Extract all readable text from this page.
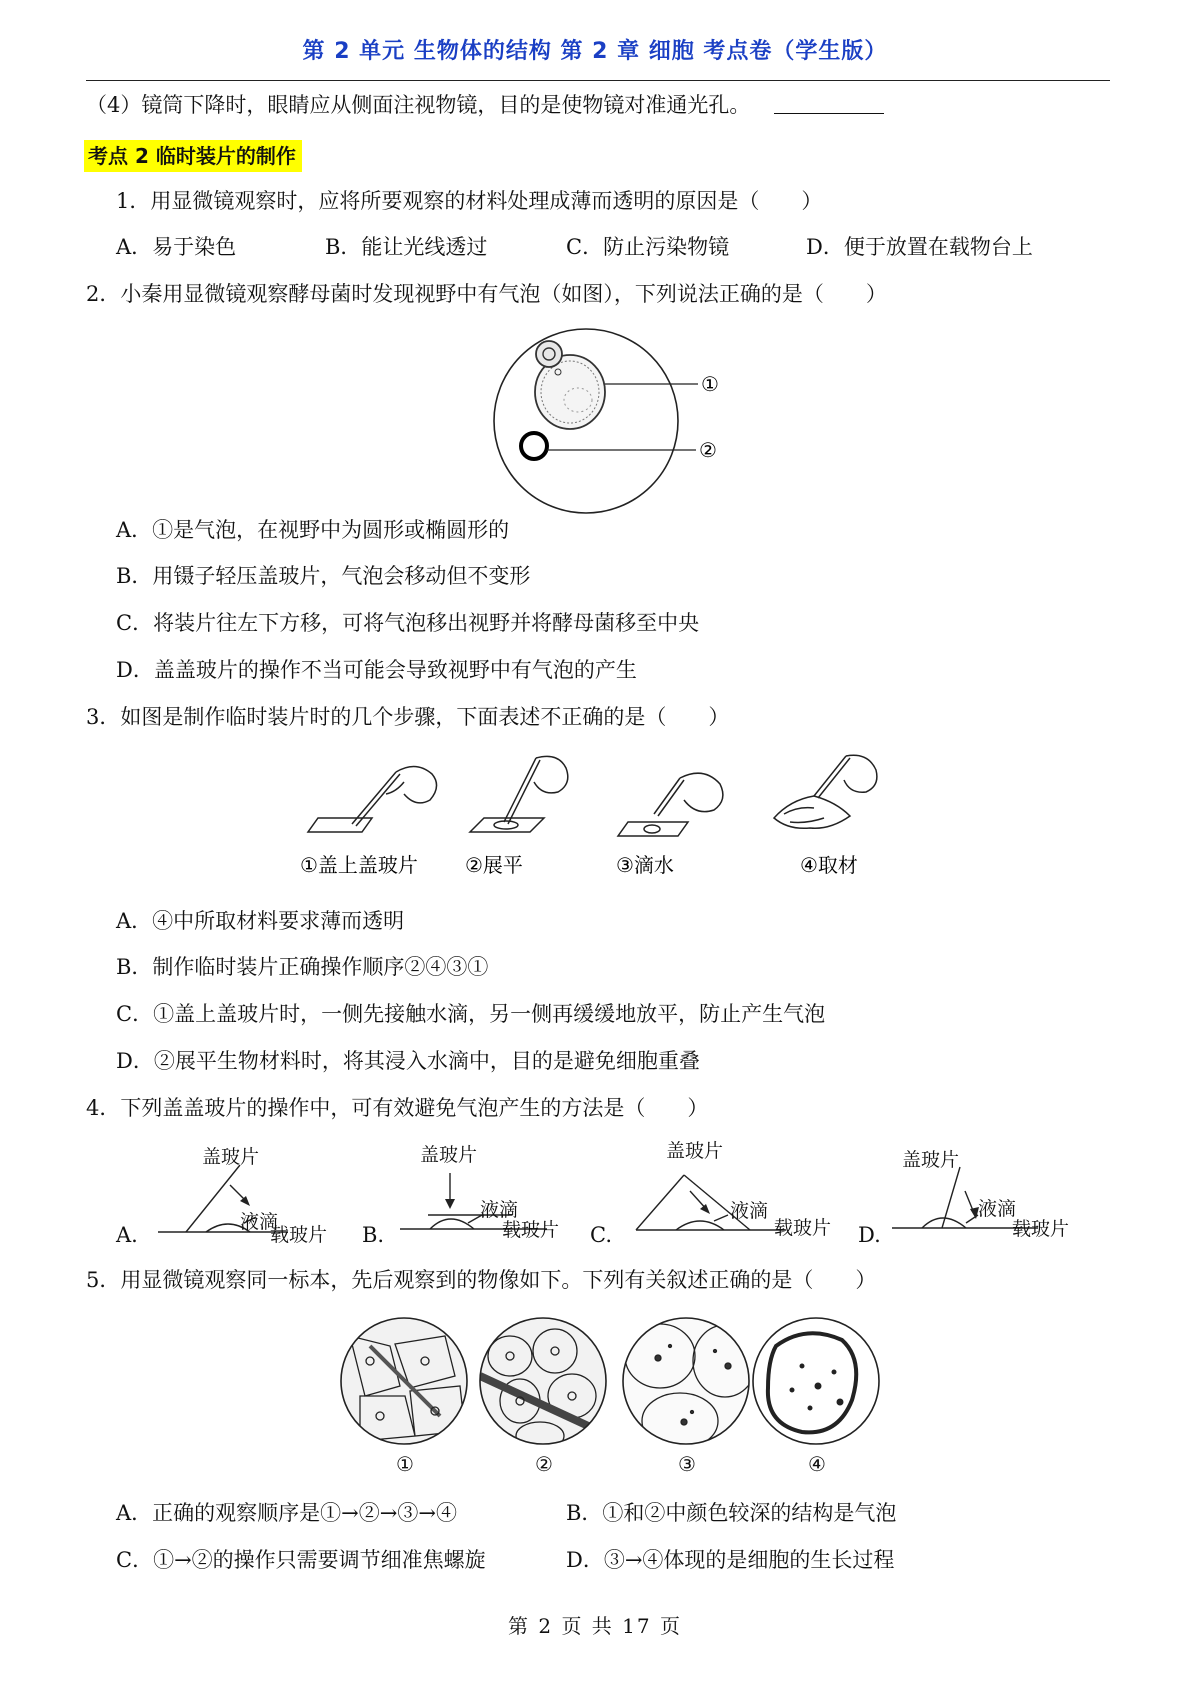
第 2 单元 生物体的结构 第 2 章 细胞 考点卷（学生版）
（4）镜筒下降时，眼睛应从侧面注视物镜，目的是使物镜对准通光孔。
考点 2 临时装片的制作
1．用显微镜观察时，应将所要观察的材料处理成薄而透明的原因是（　　）
A．易于染色	B．能让光线透过	C．防止污染物镜	D．便于放置在载物台上
2．小秦用显微镜观察酵母菌时发现视野中有气泡（如图），下列说法正确的是（　　）
①
②
A．①是气泡，在视野中为圆形或椭圆形的
B．用镊子轻压盖玻片，气泡会移动但不变形
C．将装片往左下方移，可将气泡移出视野并将酵母菌移至中央
D．盖盖玻片的操作不当可能会导致视野中有气泡的产生
3．如图是制作临时装片时的几个步骤，下面表述不正确的是（　　）
①盖上盖玻片 ②展平	③滴水	④取材
A．④中所取材料要求薄而透明
B．制作临时装片正确操作顺序②④③①
C．①盖上盖玻片时，一侧先接触水滴，另一侧再缓缓地放平，防止产生气泡
D．②展平生物材料时，将其浸入水滴中，目的是避免细胞重叠
4．下列盖盖玻片的操作中，可有效避免气泡产生的方法是（　　）
盖玻片
液滴
载玻片
盖玻片
液滴
载玻片
盖玻片
液滴
载玻片
盖玻片
液滴
载玻片
A.	B.	C.	D.
5．用显微镜观察同一标本，先后观察到的物像如下。下列有关叙述正确的是（　　）
①	②	③	④
A．正确的观察顺序是①→②→③→④	B．①和②中颜色较深的结构是气泡
C．①→②的操作只需要调节细准焦螺旋	D．③→④体现的是细胞的生长过程
第 2 页 共 17 页
